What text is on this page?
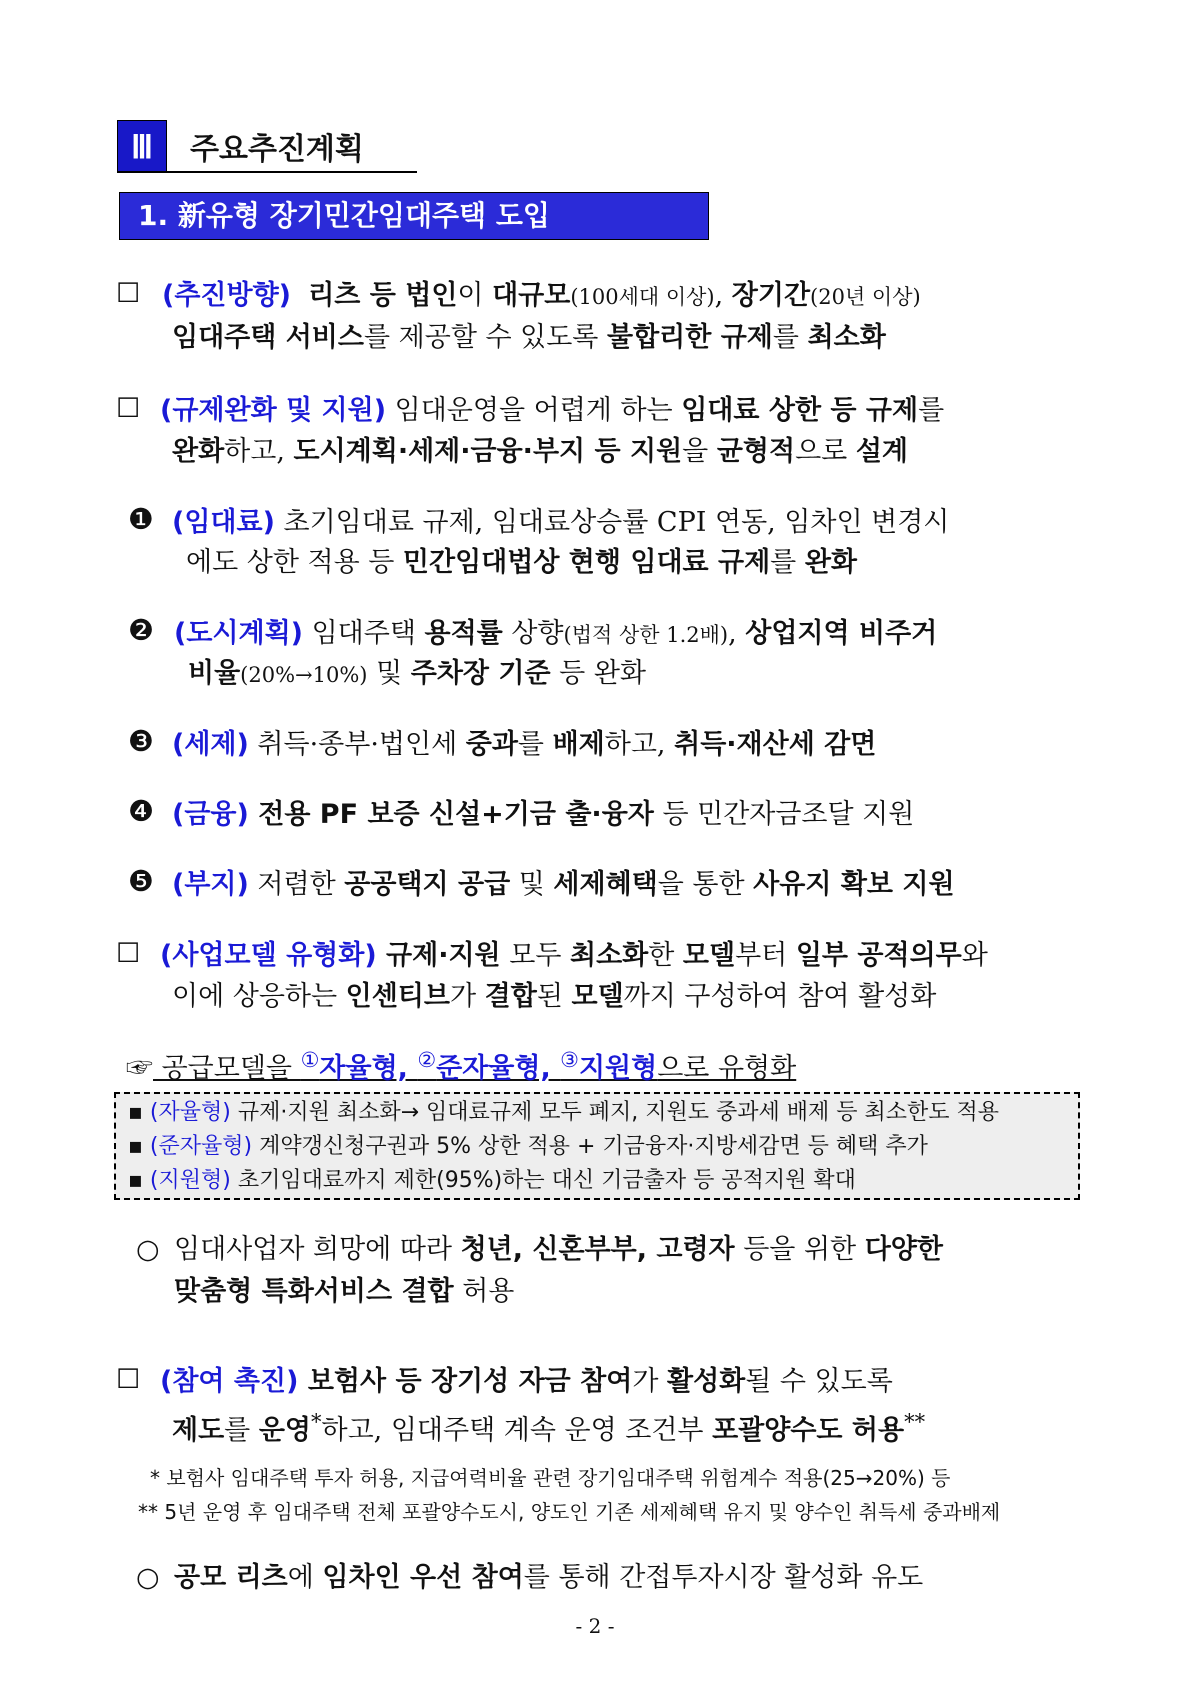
Ⅲ	주요추진계획
1. 新유형 장기민간임대주택 도입
☐ (추진방향) 리츠 등 법인이 대규모(100세대 이상), 장기간(20년 이상)
임대주택 서비스를 제공할 수 있도록 불합리한 규제를 최소화
☐ (규제완화 및 지원) 임대운영을 어렵게 하는 임대료 상한 등 규제를
완화하고, 도시계획·세제·금융·부지 등 지원을 균형적으로 설계
❶ (임대료) 초기임대료 규제, 임대료상승률 CPI 연동, 임차인 변경시
에도 상한 적용 등 민간임대법상 현행 임대료 규제를 완화
❷ (도시계획) 임대주택 용적률 상향(법적 상한 1.2배), 상업지역 비주거
비율(20%→10%) 및 주차장 기준 등 완화
❸ (세제) 취득·종부·법인세 중과를 배제하고, 취득·재산세 감면
❹ (금융) 전용 PF 보증 신설+기금 출·융자 등 민간자금조달 지원
❺ (부지) 저렴한 공공택지 공급 및 세제혜택을 통한 사유지 확보 지원
☐ (사업모델 유형화) 규제·지원 모두 최소화한 모델부터 일부 공적의무와
이에 상응하는 인센티브가 결합된 모델까지 구성하여 참여 활성화
☞ 공급모델을 ①자율형, ②준자율형, ③지원형으로 유형화
▪ (자율형) 규제·지원 최소화→ 임대료규제 모두 폐지, 지원도 중과세 배제 등 최소한도 적용
▪ (준자율형) 계약갱신청구권과 5% 상한 적용 + 기금융자·지방세감면 등 혜택 추가
▪ (지원형) 초기임대료까지 제한(95%)하는 대신 기금출자 등 공적지원 확대
○ 임대사업자 희망에 따라 청년, 신혼부부, 고령자 등을 위한 다양한
맞춤형 특화서비스 결합 허용
☐ (참여 촉진) 보험사 등 장기성 자금 참여가 활성화될 수 있도록
제도를 운영*하고, 임대주택 계속 운영 조건부 포괄양수도 허용**
* 보험사 임대주택 투자 허용, 지급여력비율 관련 장기임대주택 위험계수 적용(25→20%) 등
** 5년 운영 후 임대주택 전체 포괄양수도시, 양도인 기존 세제혜택 유지 및 양수인 취득세 중과배제
○ 공모 리츠에 임차인 우선 참여를 통해 간접투자시장 활성화 유도
- 2 -
